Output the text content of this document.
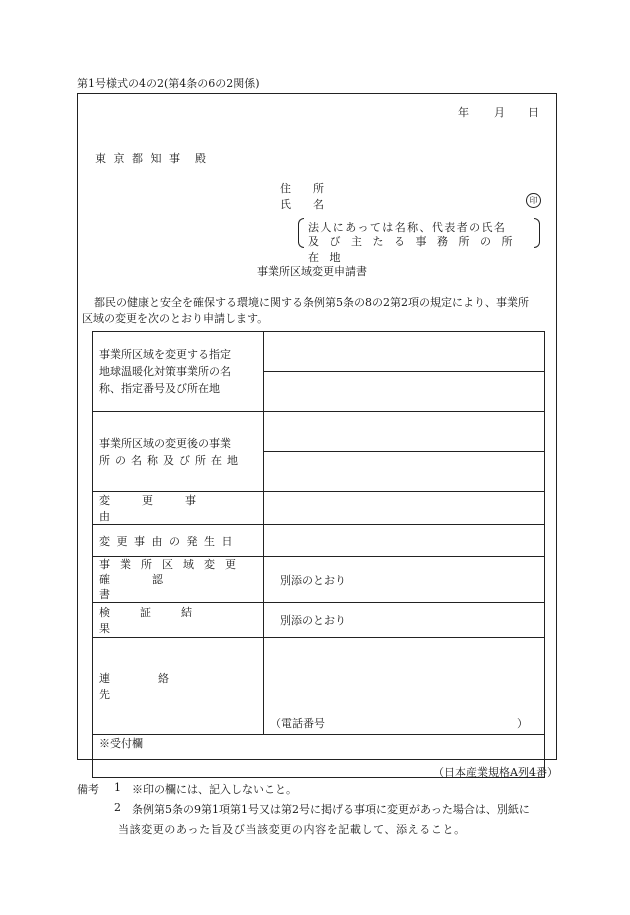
第1号様式の4の2(第4条の6の2関係)
年 月 日
東 京 都 知 事　殿
住　　所
氏　　名	印
法人にあっては名称、代表者の氏名
及び主たる事務所の所在地
事業所区域変更申請書
都民の健康と安全を確保する環境に関する条例第5条の8の2第2項の規定により、事業所
区域の変更を次のとおり申請します。
事業所区域を変更する指定
地球温暖化対策事業所の名
称、指定番号及び所在地	

事業所区域の変更後の事業
所の名称及び所在地	

変更事由	

変更事由の発生日	

事業所区域変更
確認書	別添のとおり

検証結果	別添のとおり

連絡先	（電話番号 ）

※受付欄	
（日本産業規格A列4番）
備考 1 ※印の欄には、記入しないこと。
2 条例第5条の9第1項第1号又は第2号に掲げる事項に変更があった場合は、別紙に
当該変更のあった旨及び当該変更の内容を記載して、添えること。
